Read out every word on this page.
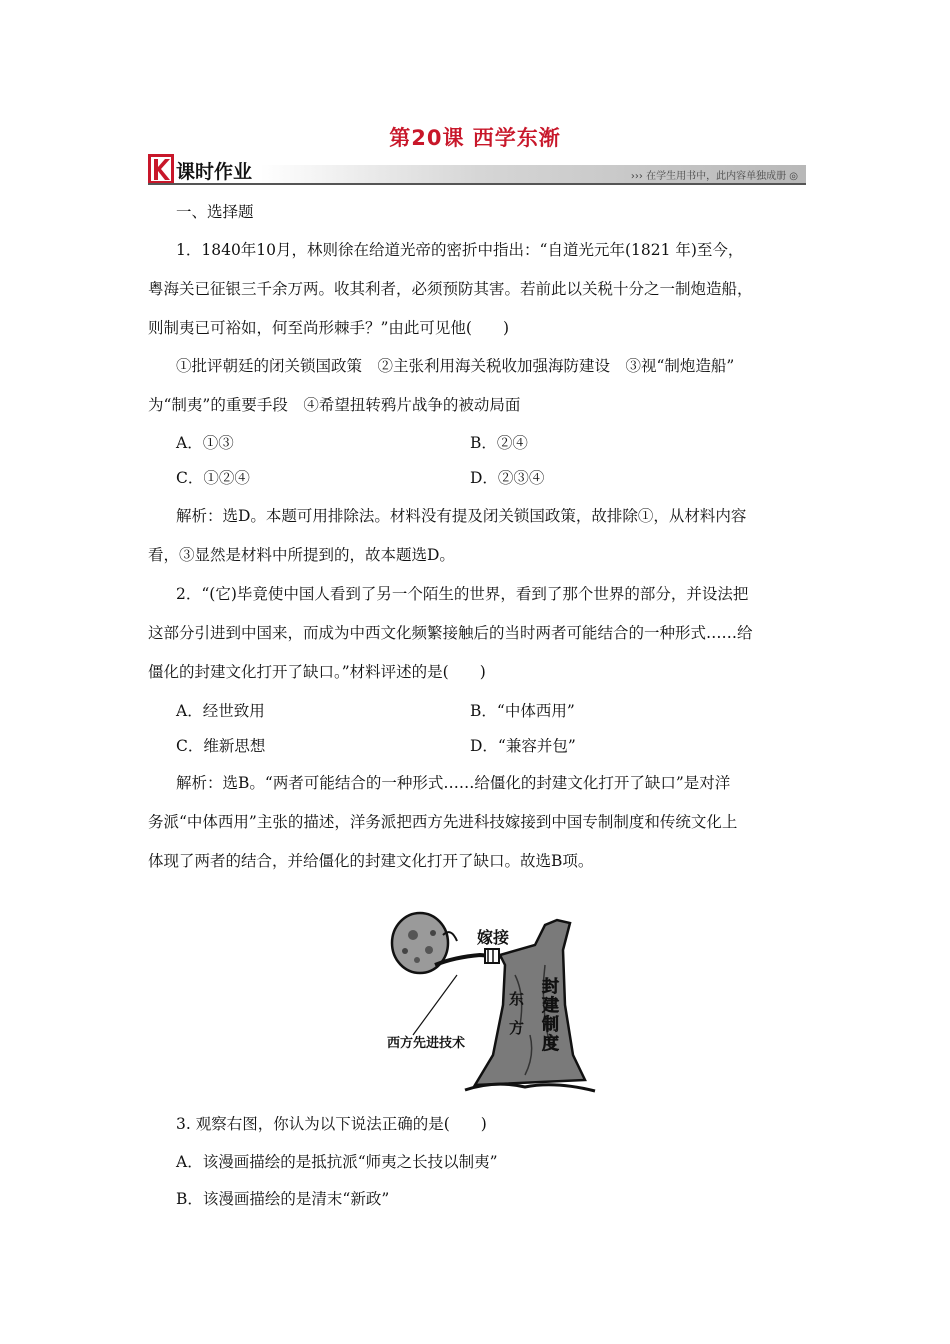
第20课 西学东渐
课时作业	››› 在学生用书中，此内容单独成册 ◎
一、选择题
1．1840年10月，林则徐在给道光帝的密折中指出：“自道光元年(1821 年)至今，
粤海关已征银三千余万两。收其利者，必须预防其害。若前此以关税十分之一制炮造船，
则制夷已可裕如，何至尚形棘手？”由此可见他(　　)
①批评朝廷的闭关锁国政策　②主张利用海关税收加强海防建设　③视“制炮造船”
为“制夷”的重要手段　④希望扭转鸦片战争的被动局面
A．①③	B．②④
C．①②④	D．②③④
解析：选D。本题可用排除法。材料没有提及闭关锁国政策，故排除①，从材料内容
看，③显然是材料中所提到的，故本题选D。
2．“(它)毕竟使中国人看到了另一个陌生的世界，看到了那个世界的部分，并设法把
这部分引进到中国来，而成为中西文化频繁接触后的当时两者可能结合的一种形式……给
僵化的封建文化打开了缺口。”材料评述的是(　　)
A．经世致用	B．“中体西用”
C．维新思想	D．“兼容并包”
解析：选B。“两者可能结合的一种形式……给僵化的封建文化打开了缺口”是对洋
务派“中体西用”主张的描述，洋务派把西方先进科技嫁接到中国专制制度和传统文化上
体现了两者的结合，并给僵化的封建文化打开了缺口。故选B项。
嫁接
西方先进技术	东方 封建制度
小农经济
3. 观察右图，你认为以下说法正确的是(　　)
A．该漫画描绘的是抵抗派“师夷之长技以制夷”
B．该漫画描绘的是清末“新政”
